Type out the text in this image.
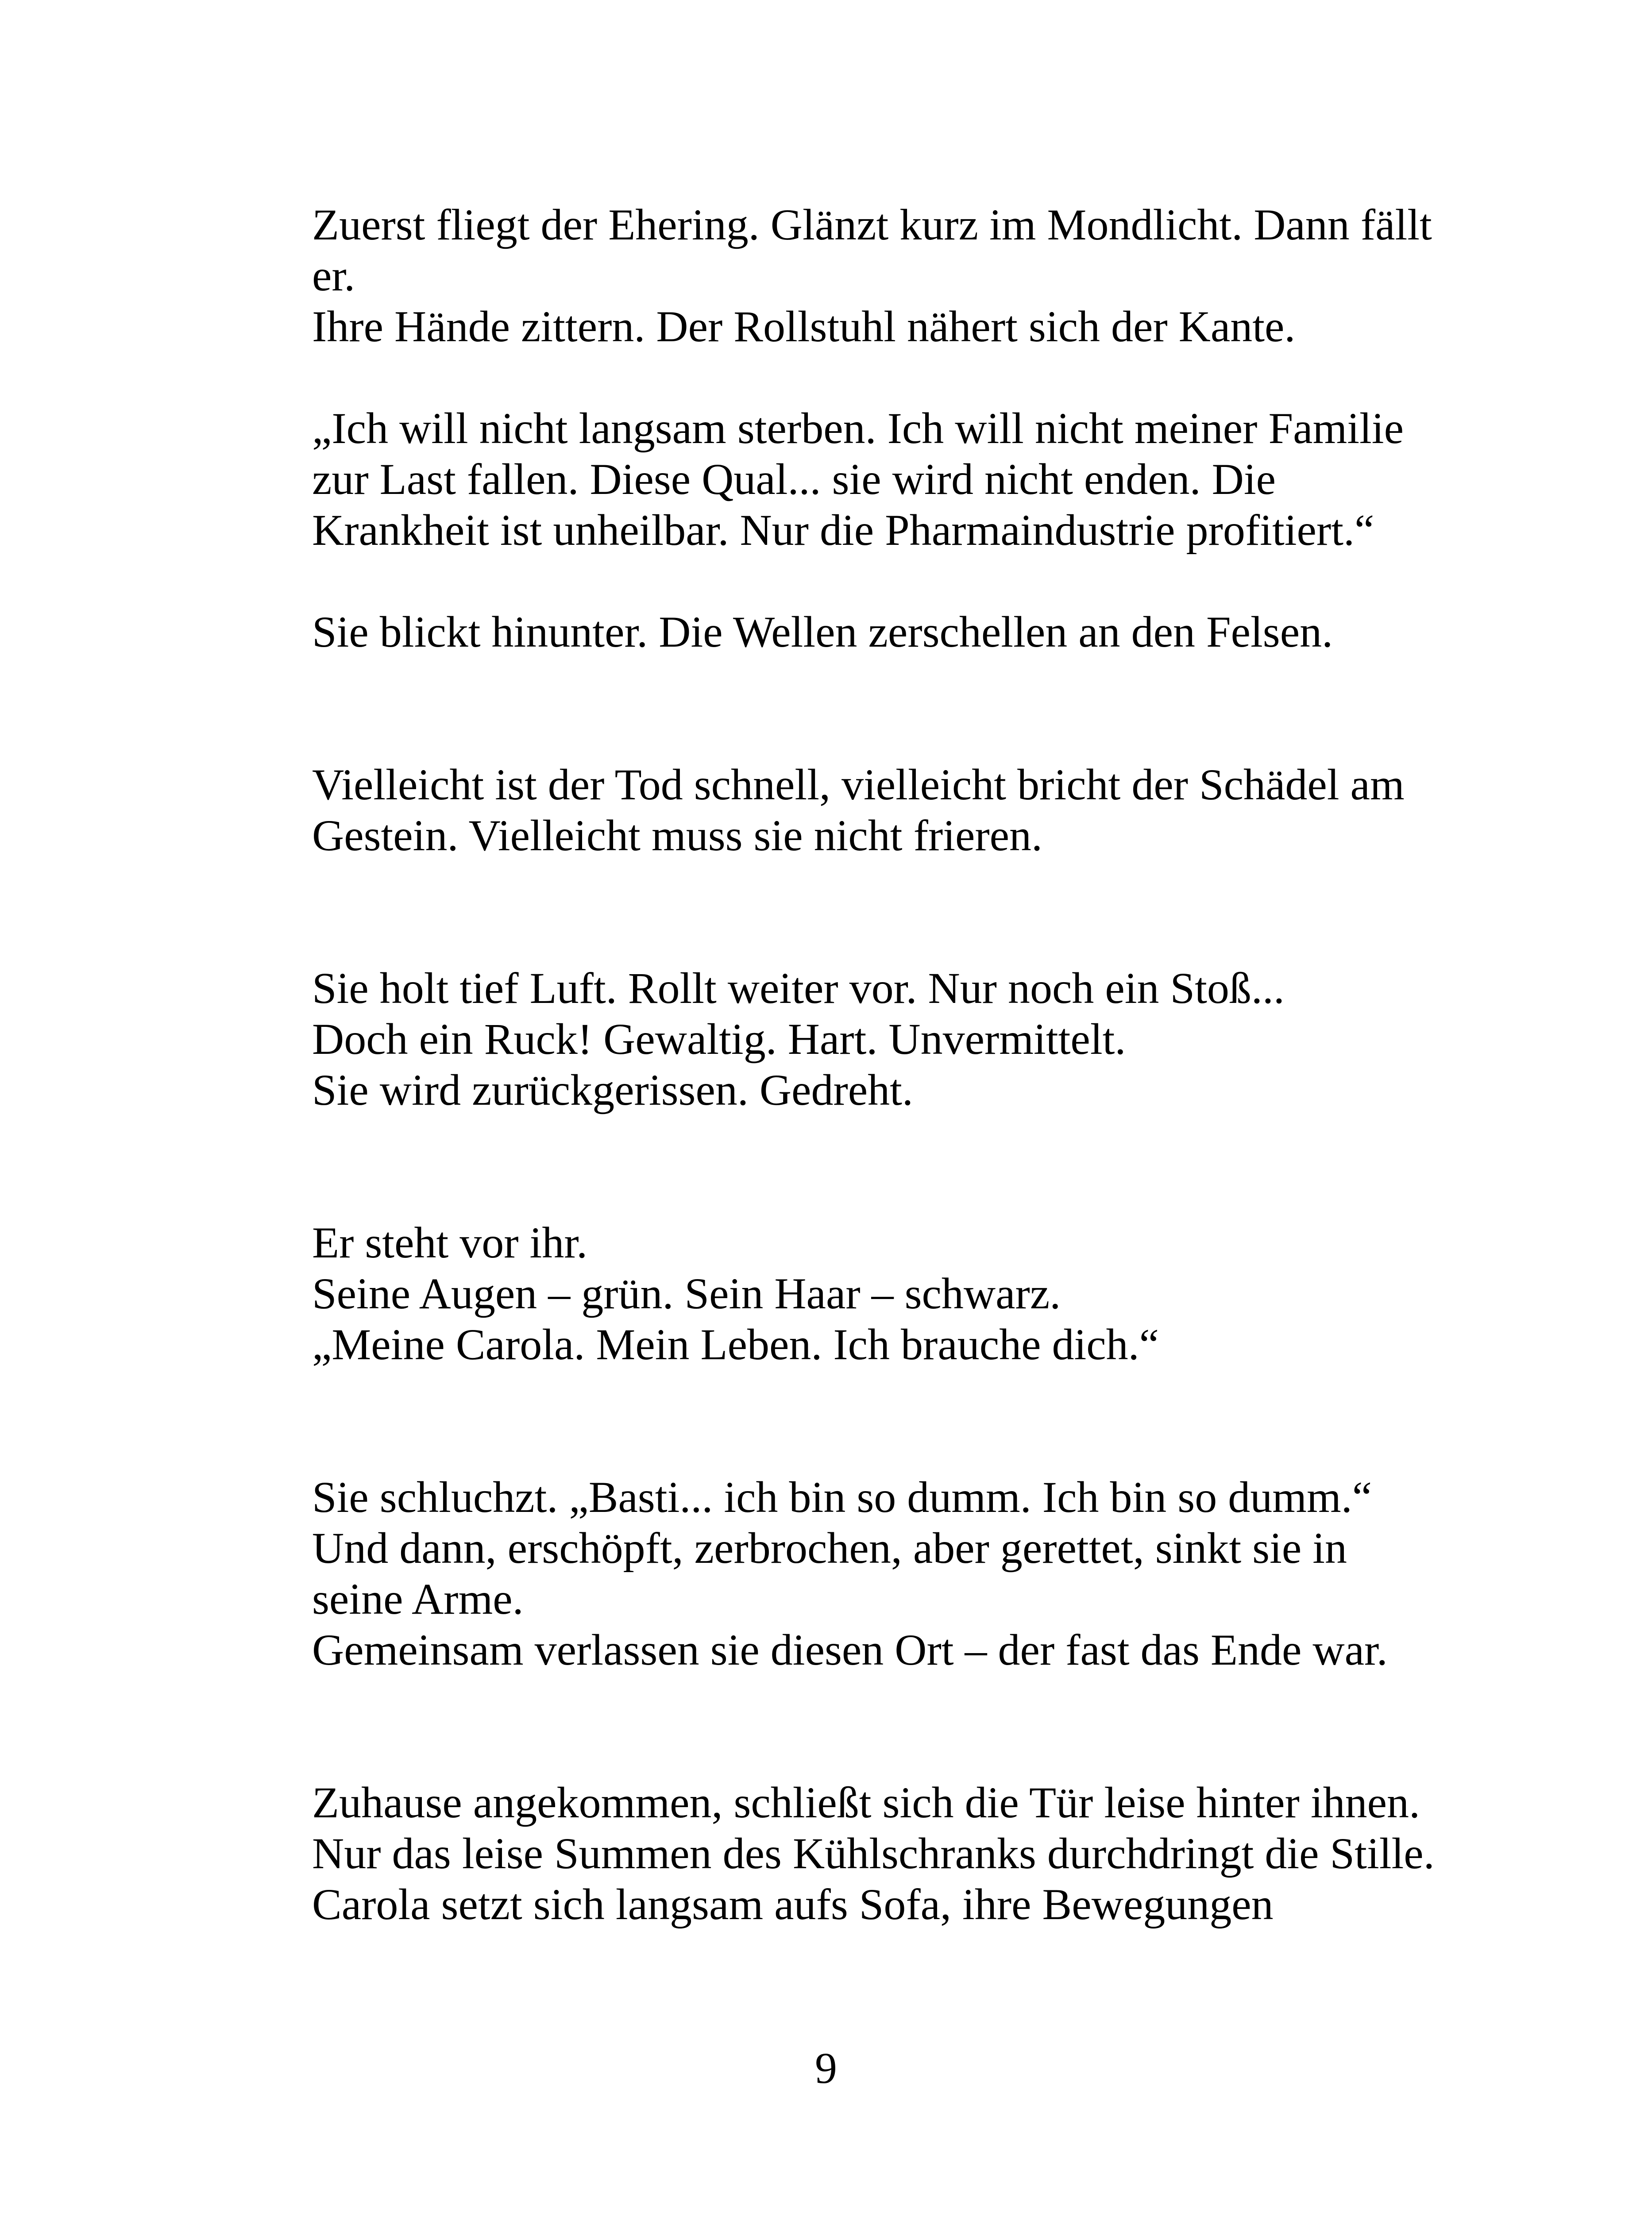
Zuerst fliegt der Ehering. Glänzt kurz im Mondlicht. Dann fällt
er.
Ihre Hände zittern. Der Rollstuhl nähert sich der Kante.
„Ich will nicht langsam sterben. Ich will nicht meiner Familie
zur Last fallen. Diese Qual... sie wird nicht enden. Die
Krankheit ist unheilbar. Nur die Pharmaindustrie profitiert.“
Sie blickt hinunter. Die Wellen zerschellen an den Felsen.
Vielleicht ist der Tod schnell, vielleicht bricht der Schädel am
Gestein. Vielleicht muss sie nicht frieren.
Sie holt tief Luft. Rollt weiter vor. Nur noch ein Stoß...
Doch ein Ruck! Gewaltig. Hart. Unvermittelt.
Sie wird zurückgerissen. Gedreht.
Er steht vor ihr.
Seine Augen – grün. Sein Haar – schwarz.
„Meine Carola. Mein Leben. Ich brauche dich.“
Sie schluchzt. „Basti... ich bin so dumm. Ich bin so dumm.“
Und dann, erschöpft, zerbrochen, aber gerettet, sinkt sie in
seine Arme.
Gemeinsam verlassen sie diesen Ort – der fast das Ende war.
Zuhause angekommen, schließt sich die Tür leise hinter ihnen.
Nur das leise Summen des Kühlschranks durchdringt die Stille.
Carola setzt sich langsam aufs Sofa, ihre Bewegungen
9
